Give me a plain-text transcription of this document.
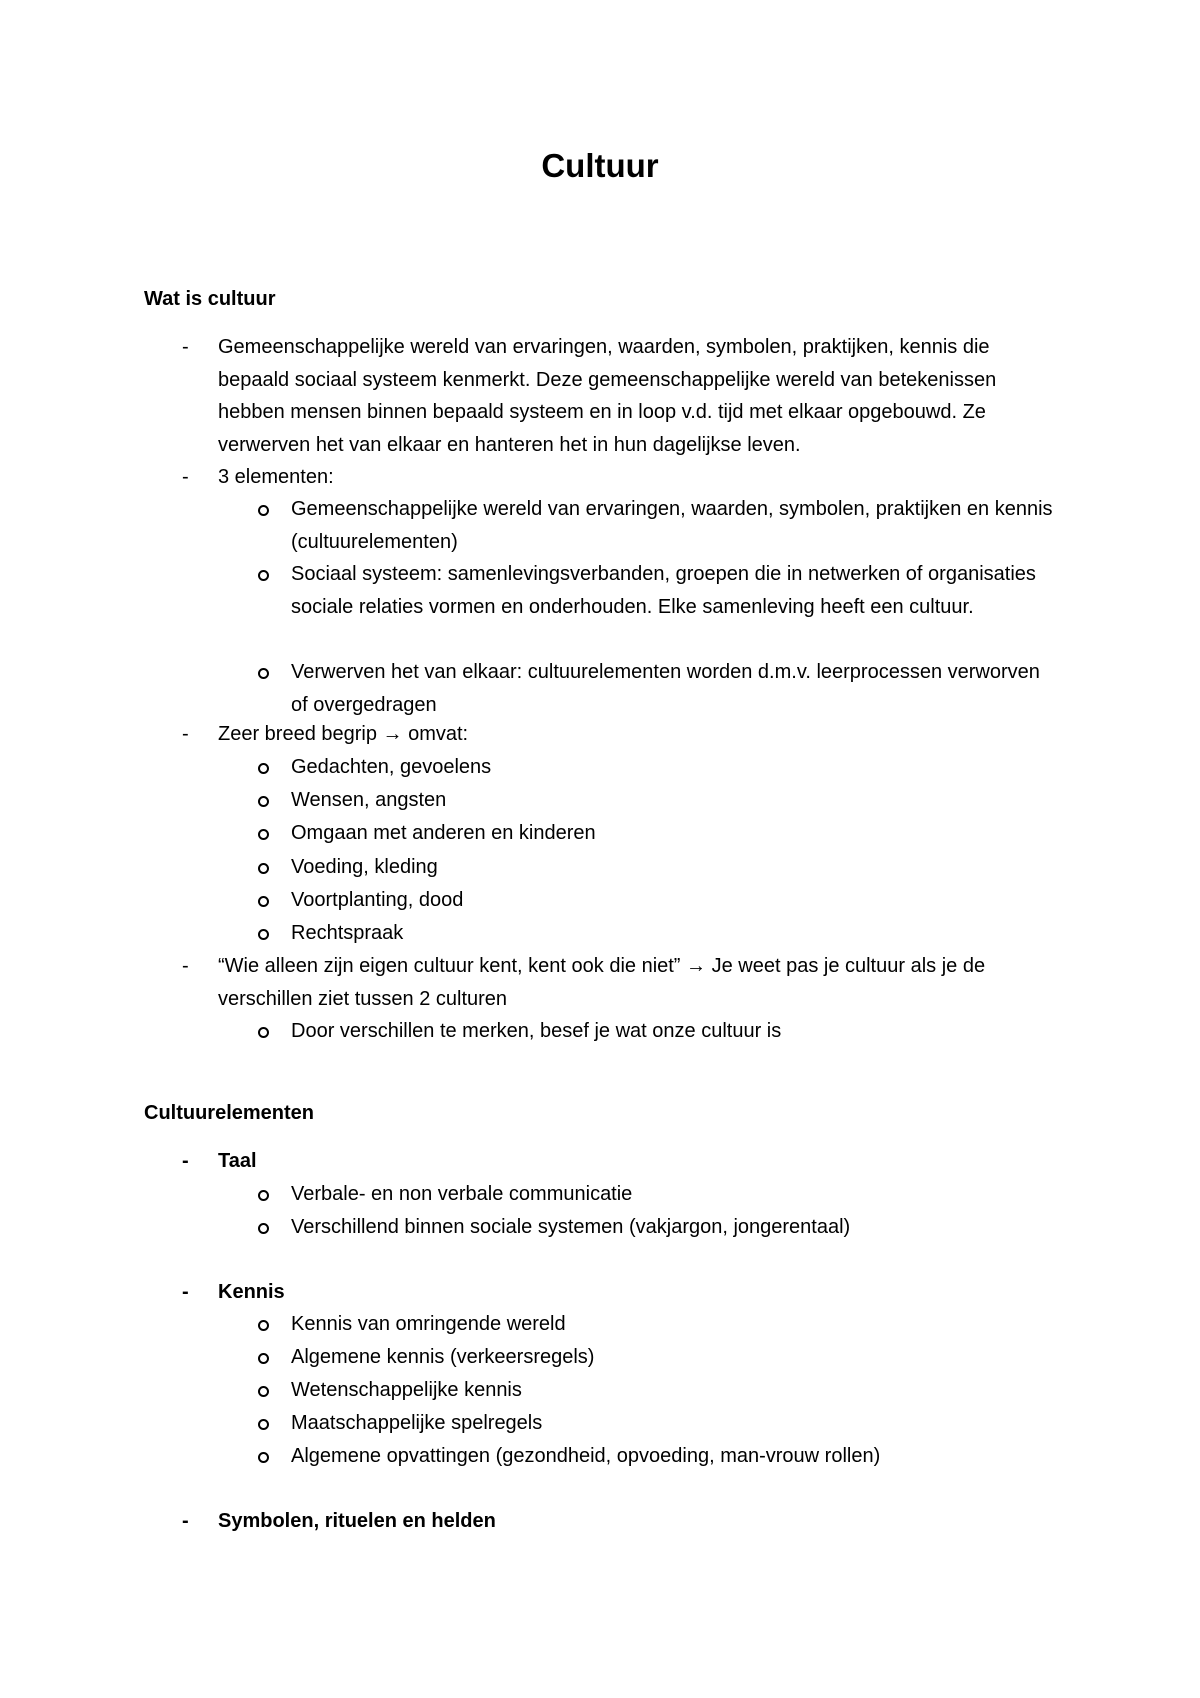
Cultuur
Wat is cultuur
- Gemeenschappelijke wereld van ervaringen, waarden, symbolen, praktijken, kennis die bepaald sociaal systeem kenmerkt. Deze gemeenschappelijke wereld van betekenissen hebben mensen binnen bepaald systeem en in loop v.d. tijd met elkaar opgebouwd. Ze verwerven het van elkaar en hanteren het in hun dagelijkse leven.
- 3 elementen:
Gemeenschappelijke wereld van ervaringen, waarden, symbolen, praktijken en kennis (cultuurelementen)
Sociaal systeem: samenlevingsverbanden, groepen die in netwerken of organisaties sociale relaties vormen en onderhouden. Elke samenleving heeft een cultuur.
Verwerven het van elkaar: cultuurelementen worden d.m.v. leerprocessen verworven of overgedragen
- Zeer breed begrip → omvat:
Gedachten, gevoelens
Wensen, angsten
Omgaan met anderen en kinderen
Voeding, kleding
Voortplanting, dood
Rechtspraak
- “Wie alleen zijn eigen cultuur kent, kent ook die niet” → Je weet pas je cultuur als je de verschillen ziet tussen 2 culturen
Door verschillen te merken, besef je wat onze cultuur is
Cultuurelementen
- Taal
Verbale- en non verbale communicatie
Verschillend binnen sociale systemen (vakjargon, jongerentaal)
- Kennis
Kennis van omringende wereld
Algemene kennis (verkeersregels)
Wetenschappelijke kennis
Maatschappelijke spelregels
Algemene opvattingen (gezondheid, opvoeding, man-vrouw rollen)
- Symbolen, rituelen en helden
